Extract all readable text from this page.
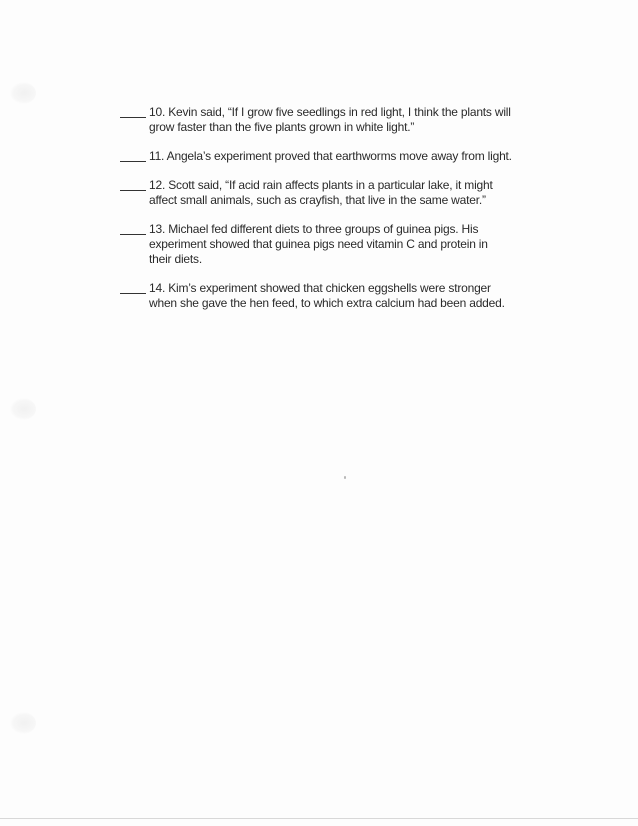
10. Kevin said, “If I grow five seedlings in red light, I think the plants will
grow faster than the five plants grown in white light.”
11. Angela’s experiment proved that earthworms move away from light.
12. Scott said, “If acid rain affects plants in a particular lake, it might
affect small animals, such as crayfish, that live in the same water.”
13. Michael fed different diets to three groups of guinea pigs. His
experiment showed that guinea pigs need vitamin C and protein in
their diets.
14. Kim’s experiment showed that chicken eggshells were stronger
when she gave the hen feed, to which extra calcium had been added.
